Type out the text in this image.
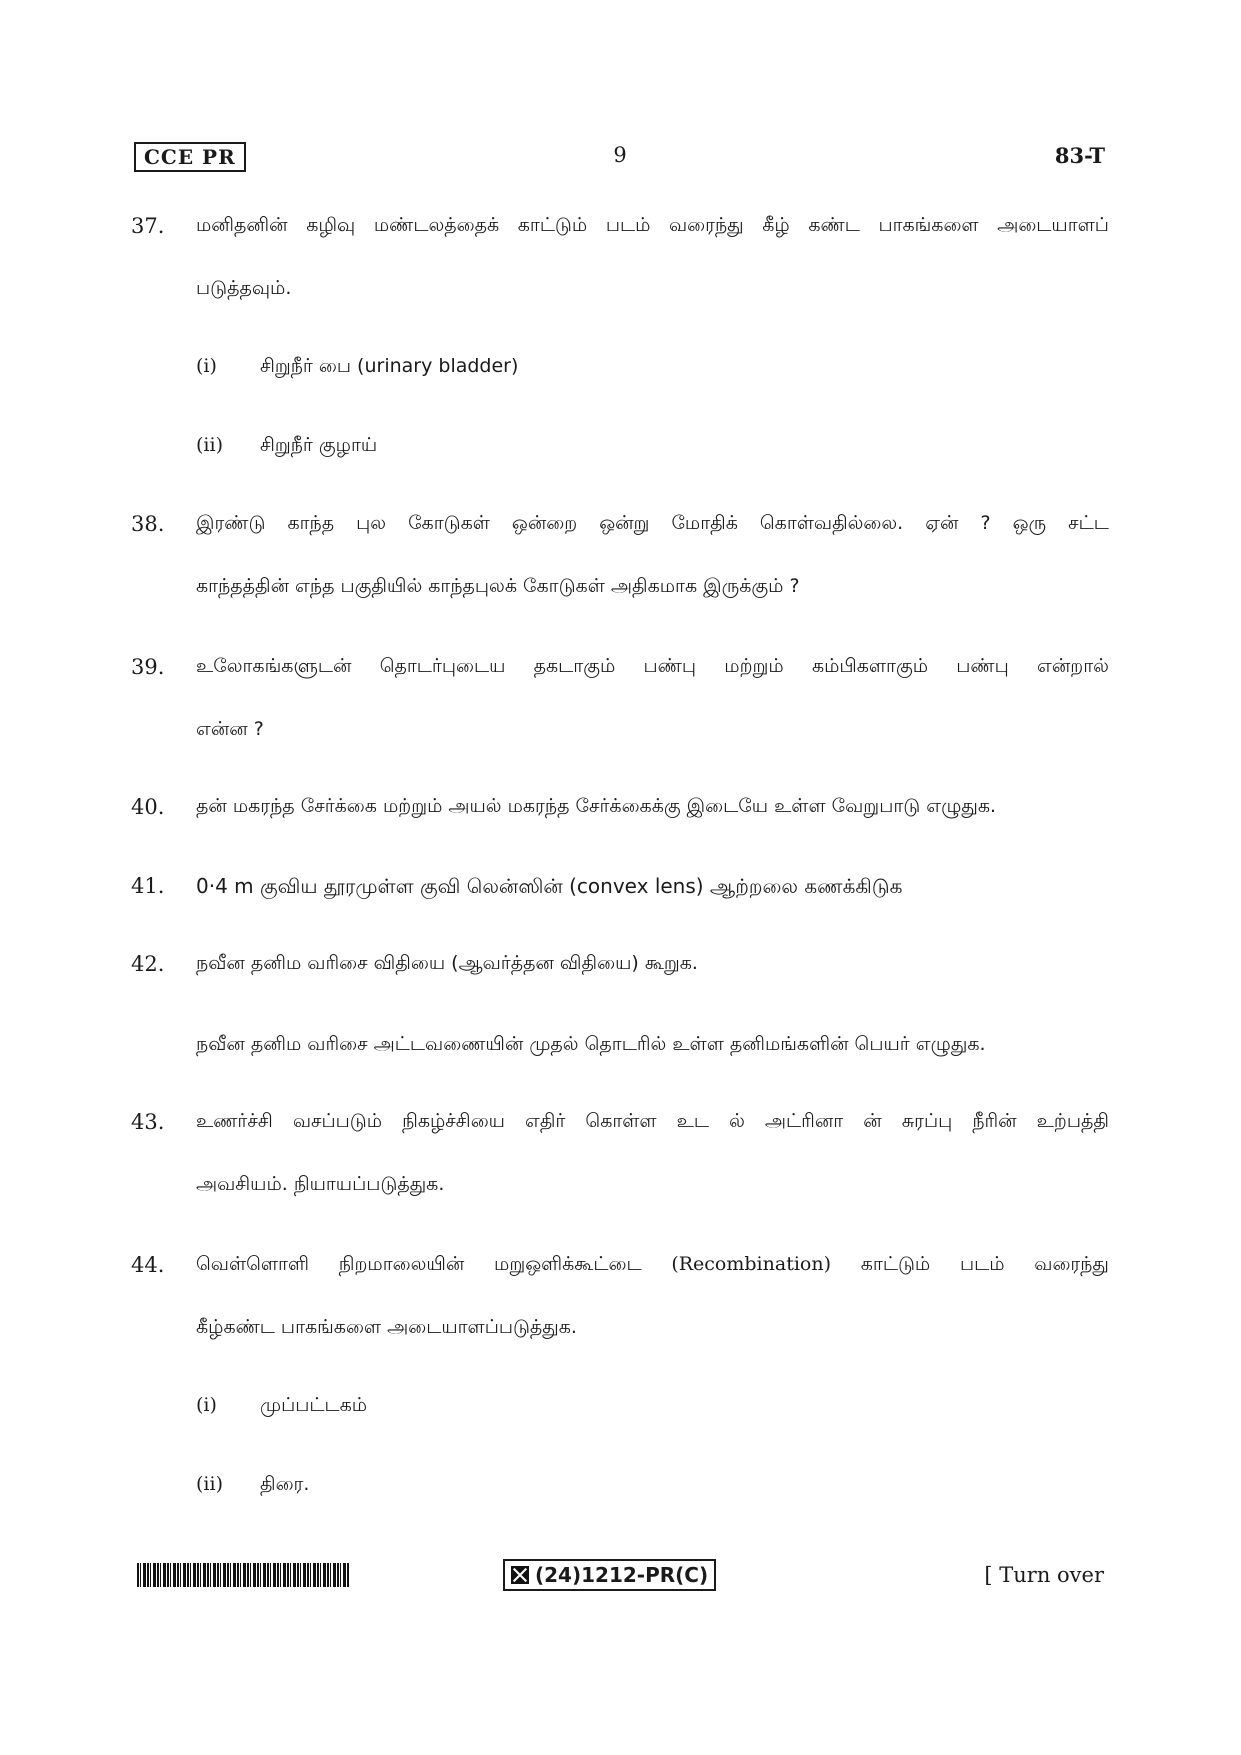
CCE PR	9	83-T
37. மனிதனின் கழிவு மண்டலத்தைக் காட்டும் படம் வரைந்து கீழ் கண்ட பாகங்களை அடையாளப்
படுத்தவும்.
(i) சிறுநீர் பை (urinary bladder)
(ii) சிறுநீர் குழாய்
38. இரண்டு காந்த புல கோடுகள் ஒன்றை ஒன்று மோதிக் கொள்வதில்லை. ஏன் ? ஒரு சட்ட
காந்தத்தின் எந்த பகுதியில் காந்தபுலக் கோடுகள் அதிகமாக இருக்கும் ?
39. உலோகங்களுடன் தொடர்புடைய தகடாகும் பண்பு மற்றும் கம்பிகளாகும் பண்பு என்றால்
என்ன ?
40. தன் மகரந்த சேர்க்கை மற்றும் அயல் மகரந்த சேர்க்கைக்கு இடையே உள்ள வேறுபாடு எழுதுக.
41. 0·4 m குவிய தூரமுள்ள குவி லென்ஸின் (convex lens) ஆற்றலை கணக்கிடுக
42. நவீன தனிம வரிசை விதியை (ஆவர்த்தன விதியை) கூறுக.
நவீன தனிம வரிசை அட்டவணையின் முதல் தொடரில் உள்ள தனிமங்களின் பெயர் எழுதுக.
43. உணர்ச்சி வசப்படும் நிகழ்ச்சியை எதிர் கொள்ள உட ல் அட்ரினா ன் சுரப்பு நீரின் உற்பத்தி
அவசியம். நியாயப்படுத்துக.
44. வெள்ளொளி நிறமாலையின் மறுஒளிக்கூட்டை (Recombination) காட்டும் படம் வரைந்து
கீழ்கண்ட பாகங்களை அடையாளப்படுத்துக.
(i) முப்பட்டகம்
(ii) திரை.
(24)1212-PR(C)	[ Turn over
